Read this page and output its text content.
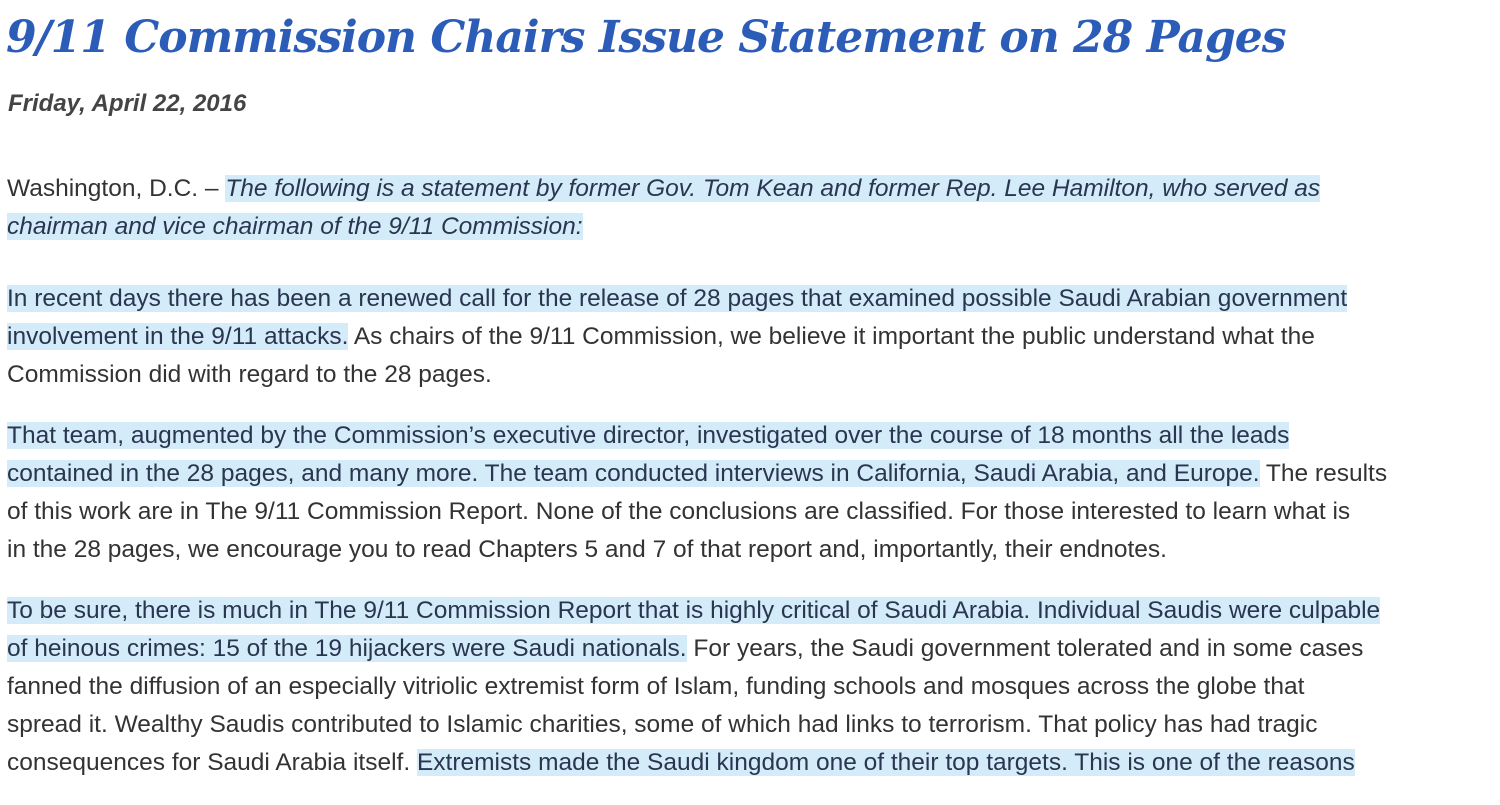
9/11 Commission Chairs Issue Statement on 28 Pages
Friday, April 22, 2016
Washington, D.C. – The following is a statement by former Gov. Tom Kean and former Rep. Lee Hamilton, who served as
chairman and vice chairman of the 9/11 Commission:
In recent days there has been a renewed call for the release of 28 pages that examined possible Saudi Arabian government
involvement in the 9/11 attacks. As chairs of the 9/11 Commission, we believe it important the public understand what the
Commission did with regard to the 28 pages.
That team, augmented by the Commission’s executive director, investigated over the course of 18 months all the leads
contained in the 28 pages, and many more. The team conducted interviews in California, Saudi Arabia, and Europe. The results
of this work are in The 9/11 Commission Report. None of the conclusions are classified. For those interested to learn what is
in the 28 pages, we encourage you to read Chapters 5 and 7 of that report and, importantly, their endnotes.
To be sure, there is much in The 9/11 Commission Report that is highly critical of Saudi Arabia. Individual Saudis were culpable
of heinous crimes: 15 of the 19 hijackers were Saudi nationals. For years, the Saudi government tolerated and in some cases
fanned the diffusion of an especially vitriolic extremist form of Islam, funding schools and mosques across the globe that
spread it. Wealthy Saudis contributed to Islamic charities, some of which had links to terrorism. That policy has had tragic
consequences for Saudi Arabia itself. Extremists made the Saudi kingdom one of their top targets. This is one of the reasons
